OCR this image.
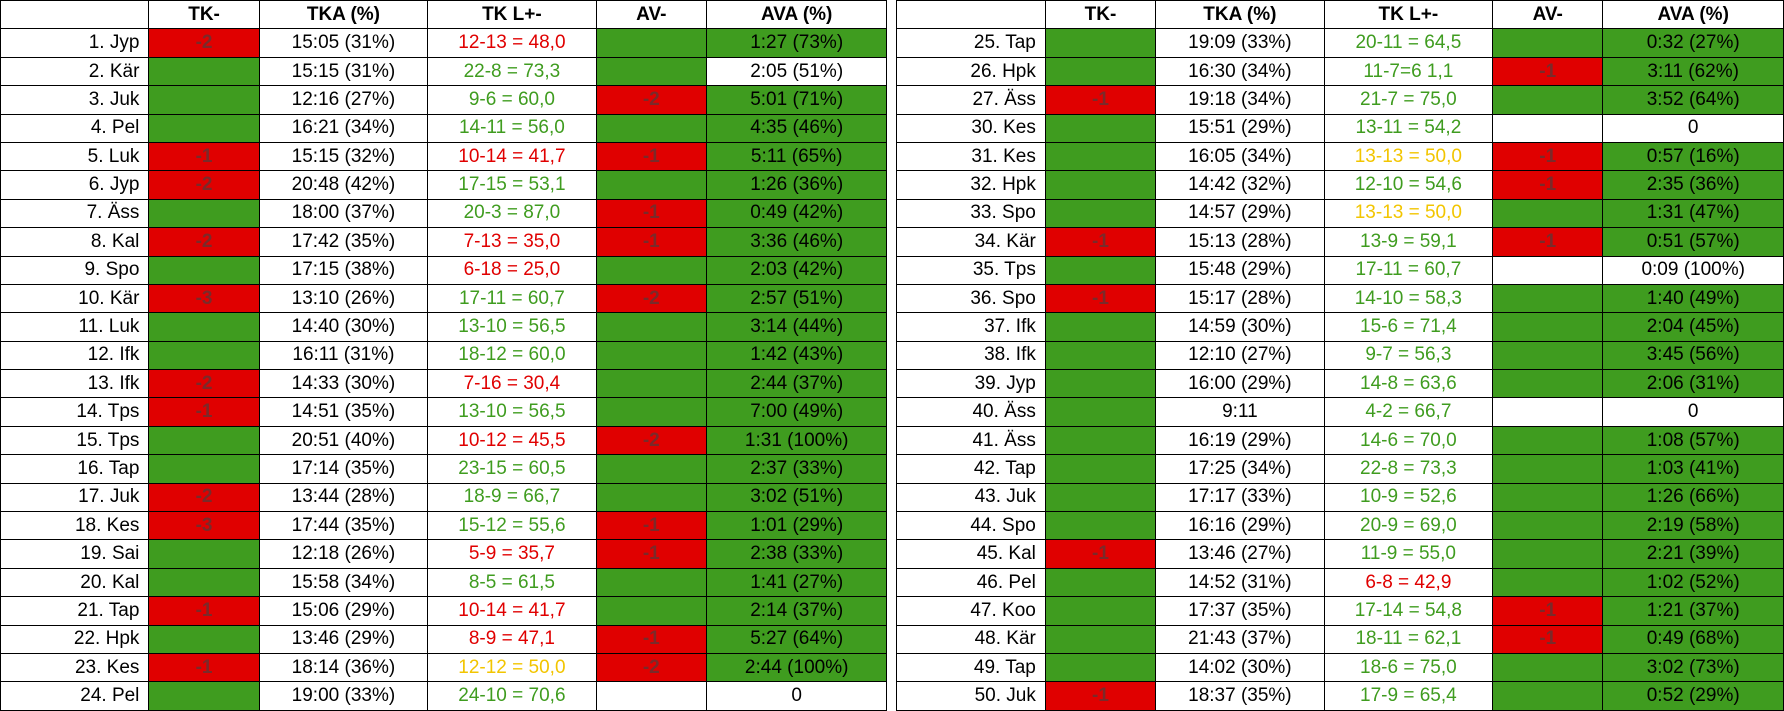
	TK-	TKA (%)	TK L+-	AV-	AVA (%)			TK-	TKA (%)	TK L+-	AV-	AVA (%)
1. Jyp	-2	15:05 (31%)	12-13 = 48,0		1:27 (73%)		25. Tap		19:09 (33%)	20-11 = 64,5		0:32 (27%)
2. Kär		15:15 (31%)	22-8 = 73,3		2:05 (51%)		26. Hpk		16:30 (34%)	11-7=6 1,1	-1	3:11 (62%)
3. Juk		12:16 (27%)	9-6 = 60,0	-2	5:01 (71%)		27. Äss	-1	19:18 (34%)	21-7 = 75,0		3:52 (64%)
4. Pel		16:21 (34%)	14-11 = 56,0		4:35 (46%)		30. Kes		15:51 (29%)	13-11 = 54,2		0
5. Luk	-1	15:15 (32%)	10-14 = 41,7	-1	5:11 (65%)		31. Kes		16:05 (34%)	13-13 = 50,0	-1	0:57 (16%)
6. Jyp	-2	20:48 (42%)	17-15 = 53,1		1:26 (36%)		32. Hpk		14:42 (32%)	12-10 = 54,6	-1	2:35 (36%)
7. Äss		18:00 (37%)	20-3 = 87,0	-1	0:49 (42%)		33. Spo		14:57 (29%)	13-13 = 50,0		1:31 (47%)
8. Kal	-2	17:42 (35%)	7-13 = 35,0	-1	3:36 (46%)		34. Kär	-1	15:13 (28%)	13-9 = 59,1	-1	0:51 (57%)
9. Spo		17:15 (38%)	6-18 = 25,0		2:03 (42%)		35. Tps		15:48 (29%)	17-11 = 60,7		0:09 (100%)
10. Kär	-3	13:10 (26%)	17-11 = 60,7	-2	2:57 (51%)		36. Spo	-1	15:17 (28%)	14-10 = 58,3		1:40 (49%)
11. Luk		14:40 (30%)	13-10 = 56,5		3:14 (44%)		37. Ifk		14:59 (30%)	15-6 = 71,4		2:04 (45%)
12. Ifk		16:11 (31%)	18-12 = 60,0		1:42 (43%)		38. Ifk		12:10 (27%)	9-7 = 56,3		3:45 (56%)
13. Ifk	-2	14:33 (30%)	7-16 = 30,4		2:44 (37%)		39. Jyp		16:00 (29%)	14-8 = 63,6		2:06 (31%)
14. Tps	-1	14:51 (35%)	13-10 = 56,5		7:00 (49%)		40. Äss		9:11	4-2 = 66,7		0
15. Tps		20:51 (40%)	10-12 = 45,5	-2	1:31 (100%)		41. Äss		16:19 (29%)	14-6 = 70,0		1:08 (57%)
16. Tap		17:14 (35%)	23-15 = 60,5		2:37 (33%)		42. Tap		17:25 (34%)	22-8 = 73,3		1:03 (41%)
17. Juk	-2	13:44 (28%)	18-9 = 66,7		3:02 (51%)		43. Juk		17:17 (33%)	10-9 = 52,6		1:26 (66%)
18. Kes	-3	17:44 (35%)	15-12 = 55,6	-1	1:01 (29%)		44. Spo		16:16 (29%)	20-9 = 69,0		2:19 (58%)
19. Sai		12:18 (26%)	5-9 = 35,7	-1	2:38 (33%)		45. Kal	-1	13:46 (27%)	11-9 = 55,0		2:21 (39%)
20. Kal		15:58 (34%)	8-5 = 61,5		1:41 (27%)		46. Pel		14:52 (31%)	6-8 = 42,9		1:02 (52%)
21. Tap	-1	15:06 (29%)	10-14 = 41,7		2:14 (37%)		47. Koo		17:37 (35%)	17-14 = 54,8	-1	1:21 (37%)
22. Hpk		13:46 (29%)	8-9 = 47,1	-1	5:27 (64%)		48. Kär		21:43 (37%)	18-11 = 62,1	-1	0:49 (68%)
23. Kes	-1	18:14 (36%)	12-12 = 50,0	-2	2:44 (100%)		49. Tap		14:02 (30%)	18-6 = 75,0		3:02 (73%)
24. Pel		19:00 (33%)	24-10 = 70,6		0		50. Juk	-1	18:37 (35%)	17-9 = 65,4		0:52 (29%)
